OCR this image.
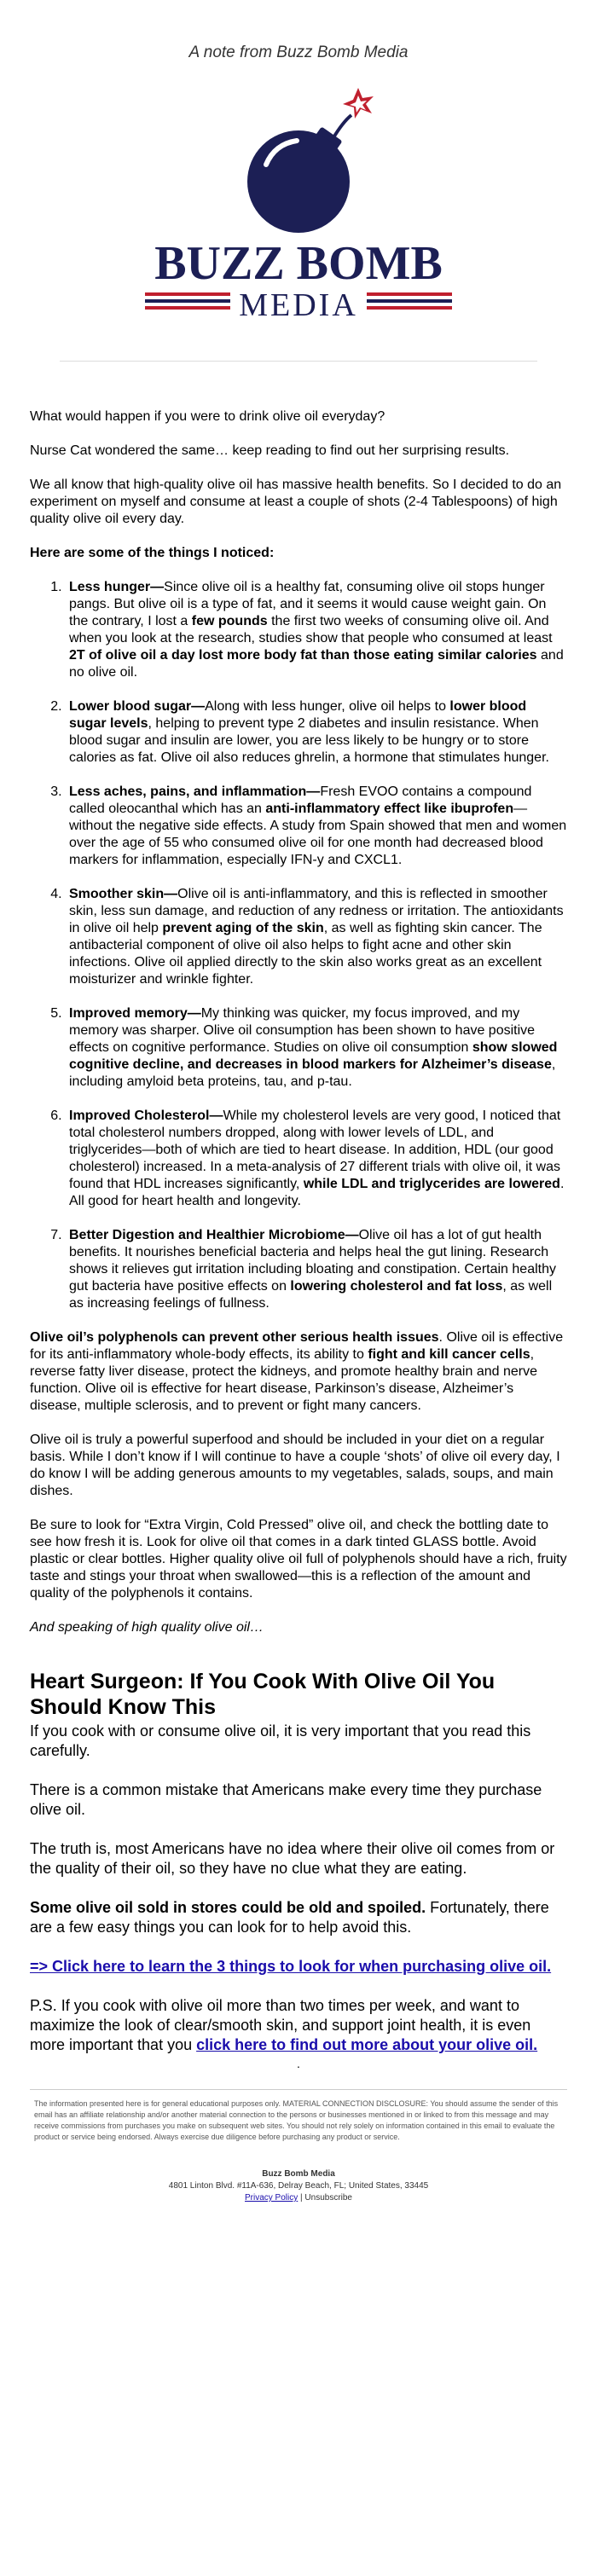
A note from Buzz Bomb Media
BUZZ BOMB
MEDIA

What would happen if you were to drink olive oil everyday?

Nurse Cat wondered the same… keep reading to find out her surprising results.

We all know that high-quality olive oil has massive health benefits. So I decided to do an experiment on myself and consume at least a couple of shots (2-4 Tablespoons) of high quality olive oil every day.

Here are some of the things I noticed:

1. Less hunger—Since olive oil is a healthy fat, consuming olive oil stops hunger pangs. But olive oil is a type of fat, and it seems it would cause weight gain. On the contrary, I lost a few pounds the first two weeks of consuming olive oil. And when you look at the research, studies show that people who consumed at least 2T of olive oil a day lost more body fat than those eating similar calories and no olive oil.
2. Lower blood sugar—Along with less hunger, olive oil helps to lower blood sugar levels, helping to prevent type 2 diabetes and insulin resistance. When blood sugar and insulin are lower, you are less likely to be hungry or to store calories as fat. Olive oil also reduces ghrelin, a hormone that stimulates hunger.
3. Less aches, pains, and inflammation—Fresh EVOO contains a compound called oleocanthal which has an anti-inflammatory effect like ibuprofen—without the negative side effects. A study from Spain showed that men and women over the age of 55 who consumed olive oil for one month had decreased blood markers for inflammation, especially IFN-y and CXCL1.
4. Smoother skin—Olive oil is anti-inflammatory, and this is reflected in smoother skin, less sun damage, and reduction of any redness or irritation. The antioxidants in olive oil help prevent aging of the skin, as well as fighting skin cancer. The antibacterial component of olive oil also helps to fight acne and other skin infections. Olive oil applied directly to the skin also works great as an excellent moisturizer and wrinkle fighter.
5. Improved memory—My thinking was quicker, my focus improved, and my memory was sharper. Olive oil consumption has been shown to have positive effects on cognitive performance. Studies on olive oil consumption show slowed cognitive decline, and decreases in blood markers for Alzheimer’s disease, including amyloid beta proteins, tau, and p-tau.
6. Improved Cholesterol—While my cholesterol levels are very good, I noticed that total cholesterol numbers dropped, along with lower levels of LDL, and triglycerides—both of which are tied to heart disease. In addition, HDL (our good cholesterol) increased. In a meta-analysis of 27 different trials with olive oil, it was found that HDL increases significantly, while LDL and triglycerides are lowered. All good for heart health and longevity.
7. Better Digestion and Healthier Microbiome—Olive oil has a lot of gut health benefits. It nourishes beneficial bacteria and helps heal the gut lining. Research shows it relieves gut irritation including bloating and constipation. Certain healthy gut bacteria have positive effects on lowering cholesterol and fat loss, as well as increasing feelings of fullness.

Olive oil’s polyphenols can prevent other serious health issues. Olive oil is effective for its anti-inflammatory whole-body effects, its ability to fight and kill cancer cells, reverse fatty liver disease, protect the kidneys, and promote healthy brain and nerve function. Olive oil is effective for heart disease, Parkinson’s disease, Alzheimer’s disease, multiple sclerosis, and to prevent or fight many cancers.

Olive oil is truly a powerful superfood and should be included in your diet on a regular basis. While I don’t know if I will continue to have a couple ‘shots’ of olive oil every day, I do know I will be adding generous amounts to my vegetables, salads, soups, and main dishes.

Be sure to look for “Extra Virgin, Cold Pressed” olive oil, and check the bottling date to see how fresh it is. Look for olive oil that comes in a dark tinted GLASS bottle. Avoid plastic or clear bottles. Higher quality olive oil full of polyphenols should have a rich, fruity taste and stings your throat when swallowed—this is a reflection of the amount and quality of the polyphenols it contains.

And speaking of high quality olive oil…

Heart Surgeon: If You Cook With Olive Oil You Should Know This

If you cook with or consume olive oil, it is very important that you read this carefully.

There is a common mistake that Americans make every time they purchase olive oil.

The truth is, most Americans have no idea where their olive oil comes from or the quality of their oil, so they have no clue what they are eating.

Some olive oil sold in stores could be old and spoiled. Fortunately, there are a few easy things you can look for to help avoid this.

=> Click here to learn the 3 things to look for when purchasing olive oil.

P.S. If you cook with olive oil more than two times per week, and want to maximize the look of clear/smooth skin, and support joint health, it is even more important that you click here to find out more about your olive oil.

.
The information presented here is for general educational purposes only. MATERIAL CONNECTION DISCLOSURE: You should assume the sender of this email has an affiliate relationship and/or another material connection to the persons or businesses mentioned in or linked to from this message and may receive commissions from purchases you make on subsequent web sites. You should not rely solely on information contained in this email to evaluate the product or service being endorsed. Always exercise due diligence before purchasing any product or service.
Buzz Bomb Media
4801 Linton Blvd. #11A-636, Delray Beach, FL; United States, 33445
Privacy Policy | Unsubscribe
